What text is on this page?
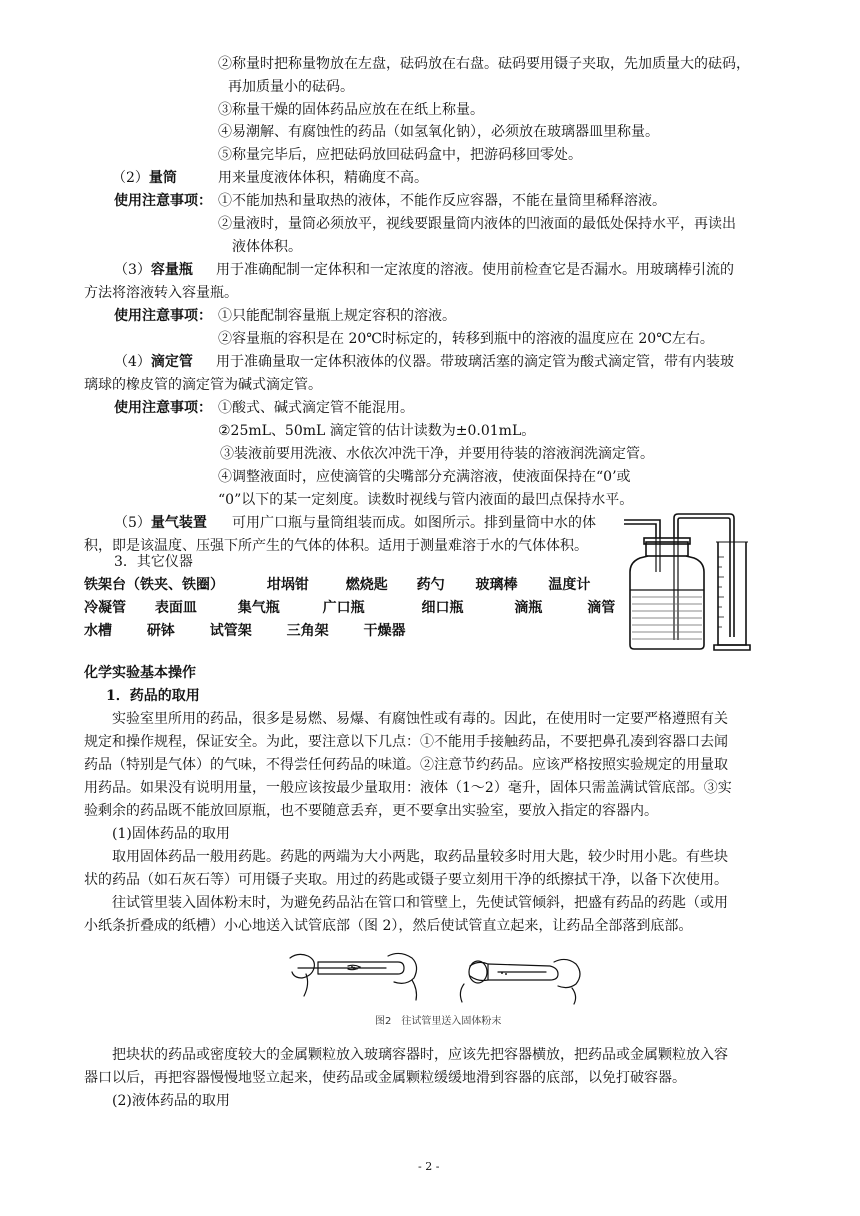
②称量时把称量物放在左盘，砝码放在右盘。砝码要用镊子夹取，先加质量大的砝码，
再加质量小的砝码。
③称量干燥的固体药品应放在在纸上称量。
④易潮解、有腐蚀性的药品（如氢氧化钠），必须放在玻璃器皿里称量。
⑤称量完毕后，应把砝码放回砝码盒中，把游码移回零处。
（2）量筒	用来量度液体体积，精确度不高。
使用注意事项： ①不能加热和量取热的液体，不能作反应容器，不能在量筒里稀释溶液。
②量液时，量筒必须放平，视线要跟量筒内液体的凹液面的最低处保持水平，再读出
液体体积。
（3）容量瓶 用于准确配制一定体积和一定浓度的溶液。使用前检查它是否漏水。用玻璃棒引流的
方法将溶液转入容量瓶。
使用注意事项： ①只能配制容量瓶上规定容积的溶液。
②容量瓶的容积是在 20℃时标定的，转移到瓶中的溶液的温度应在 20℃左右。
（4）滴定管 用于准确量取一定体积液体的仪器。带玻璃活塞的滴定管为酸式滴定管，带有内装玻
璃球的橡皮管的滴定管为碱式滴定管。
使用注意事项： ①酸式、碱式滴定管不能混用。
②25mL、50mL 滴定管的估计读数为±0.01mL。
③装液前要用洗液、水依次冲洗干净，并要用待装的溶液润洗滴定管。
④调整液面时，应使滴管的尖嘴部分充满溶液，使液面保持在“0’或
“0”以下的某一定刻度。读数时视线与管内液面的最凹点保持水平。
（5）量气装置 可用广口瓶与量筒组装而成。如图所示。排到量筒中水的体
积，即是该温度、压强下所产生的气体的体积。适用于测量难溶于水的气体体积。
3．其它仪器
铁架台（铁夹、铁圈）	坩埚钳	燃烧匙 药勺 玻璃棒 温度计
冷凝管 表面皿	集气瓶	广口瓶	细口瓶	滴瓶	滴管
水槽 研钵 试管架 三角架 干燥器
化学实验基本操作
1．药品的取用
实验室里所用的药品，很多是易燃、易爆、有腐蚀性或有毒的。因此，在使用时一定要严格遵照有关
规定和操作规程，保证安全。为此，要注意以下几点：①不能用手接触药品，不要把鼻孔凑到容器口去闻
药品（特别是气体）的气味，不得尝任何药品的味道。②注意节约药品。应该严格按照实验规定的用量取
用药品。如果没有说明用量，一般应该按最少量取用：液体（1～2）毫升，固体只需盖满试管底部。③实
验剩余的药品既不能放回原瓶，也不要随意丢弃，更不要拿出实验室，要放入指定的容器内。
(1)固体药品的取用
取用固体药品一般用药匙。药匙的两端为大小两匙，取药品量较多时用大匙，较少时用小匙。有些块
状的药品（如石灰石等）可用镊子夹取。用过的药匙或镊子要立刻用干净的纸擦拭干净，以备下次使用。
往试管里装入固体粉末时，为避免药品沾在管口和管壁上，先使试管倾斜，把盛有药品的药匙（或用
小纸条折叠成的纸槽）小心地送入试管底部（图 2），然后使试管直立起来，让药品全部落到底部。
图2　往试管里送入固体粉末
把块状的药品或密度较大的金属颗粒放入玻璃容器时，应该先把容器横放，把药品或金属颗粒放入容
器口以后，再把容器慢慢地竖立起来，使药品或金属颗粒缓缓地滑到容器的底部，以免打破容器。
(2)液体药品的取用
- 2 -
